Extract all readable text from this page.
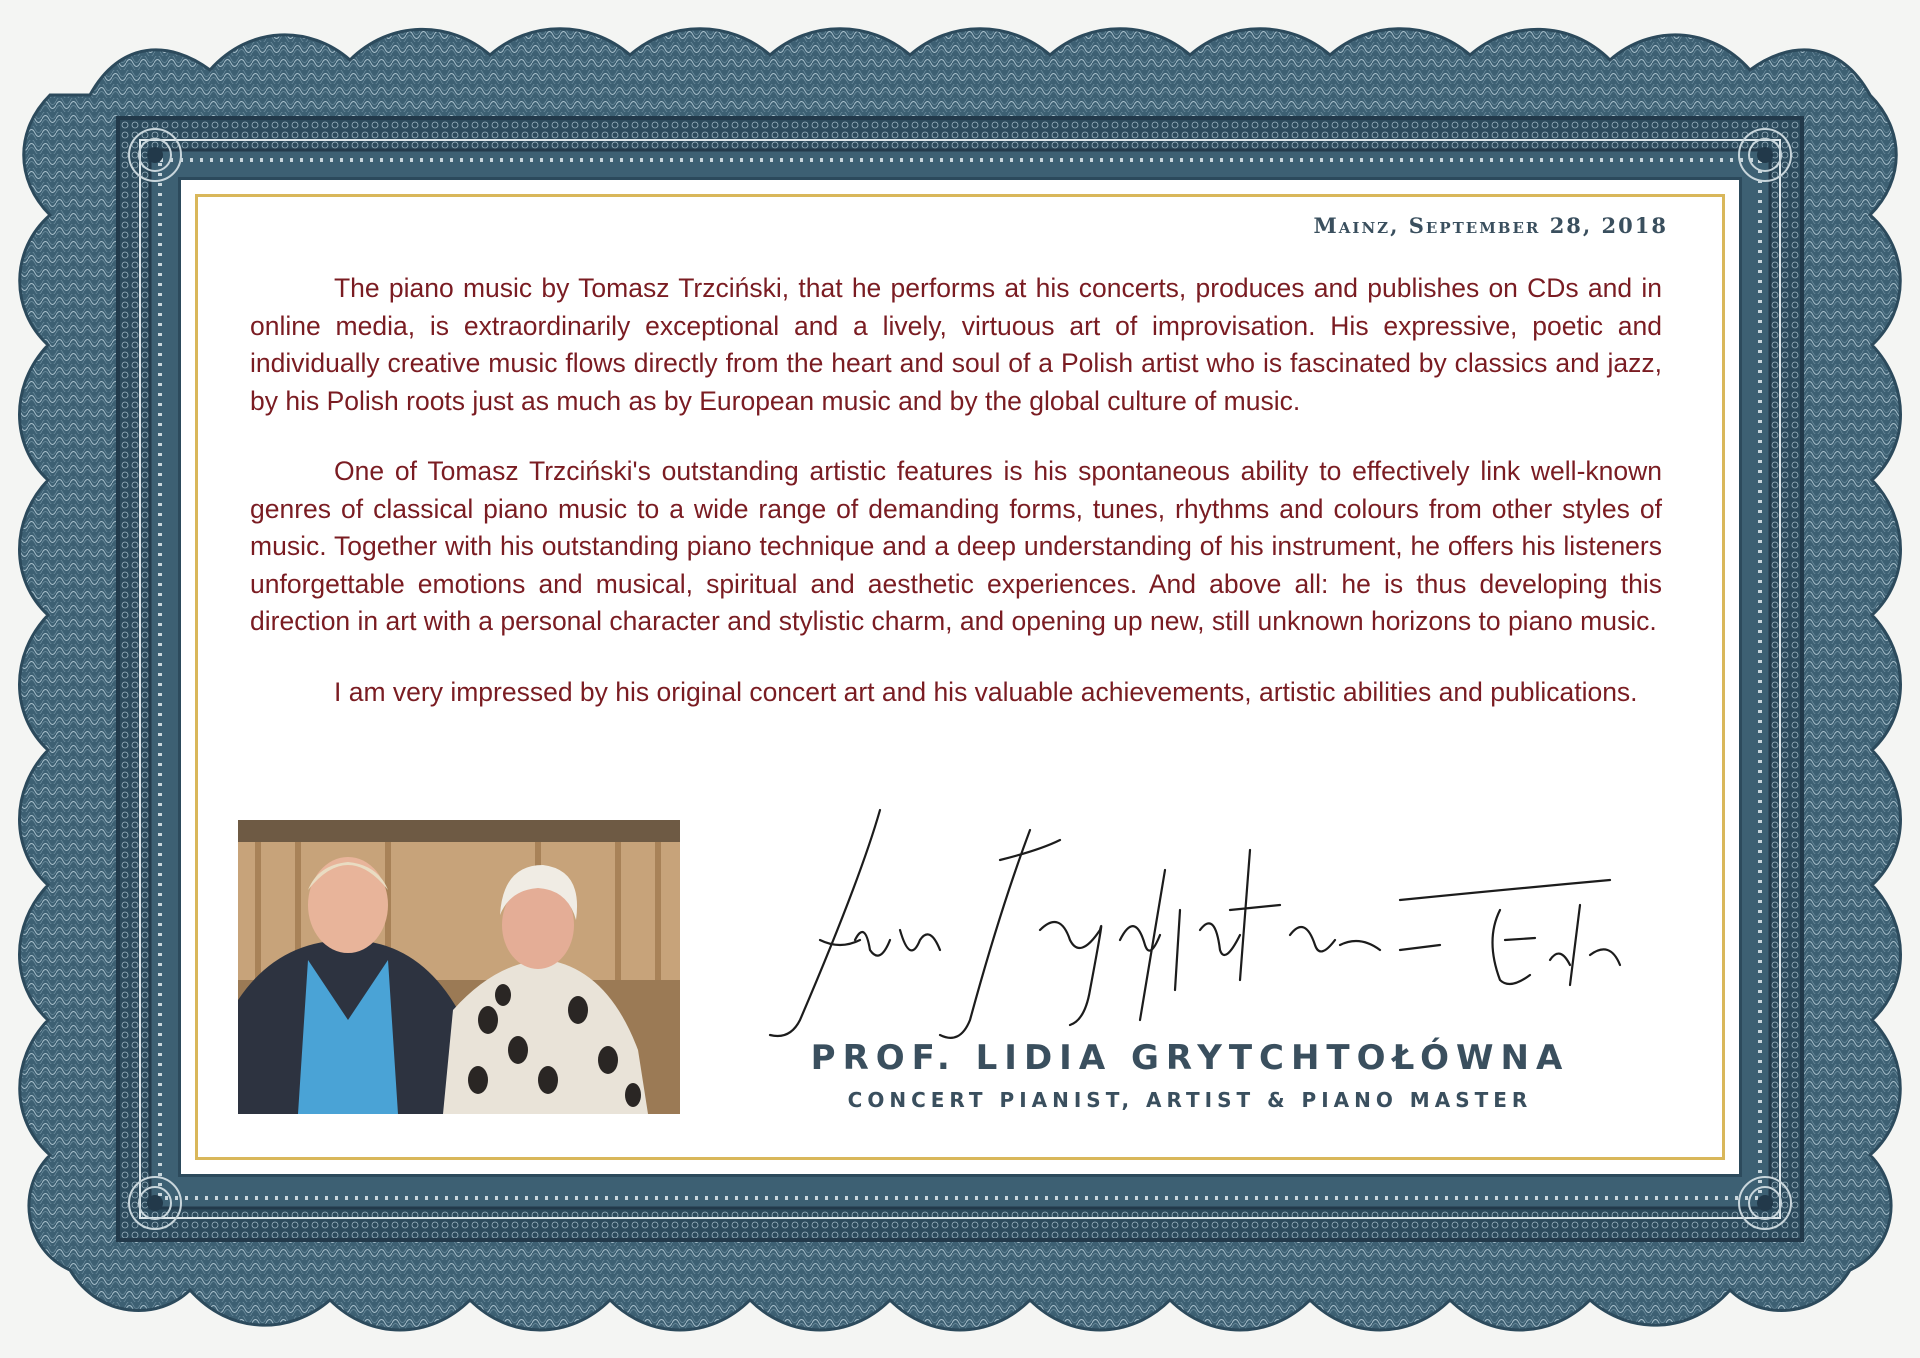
Mainz, September 28, 2018

The piano music by Tomasz Trzciński, that he performs at his concerts, produces and publishes on CDs and in online media, is extraordinarily exceptional and a lively, virtuous art of improvisation. His expressive, poetic and individually creative music flows directly from the heart and soul of a Polish artist who is fascinated by classics and jazz, by his Polish roots just as much as by European music and by the global culture of music.

One of Tomasz Trzciński's outstanding artistic features is his spontaneous ability to effectively link well-known genres of classical piano music to a wide range of demanding forms, tunes, rhythms and colours from other styles of music. Together with his outstanding piano technique and a deep understanding of his instrument, he offers his listeners unforgettable emotions and musical, spiritual and aesthetic experiences. And above all: he is thus developing this direction in art with a personal character and stylistic charm, and opening up new, still unknown horizons to piano music.

I am very impressed by his original concert art and his valuable achievements, artistic abilities and publications.

PROF. LIDIA GRYTCHTOŁÓWNA
CONCERT PIANIST, ARTIST & PIANO MASTER
